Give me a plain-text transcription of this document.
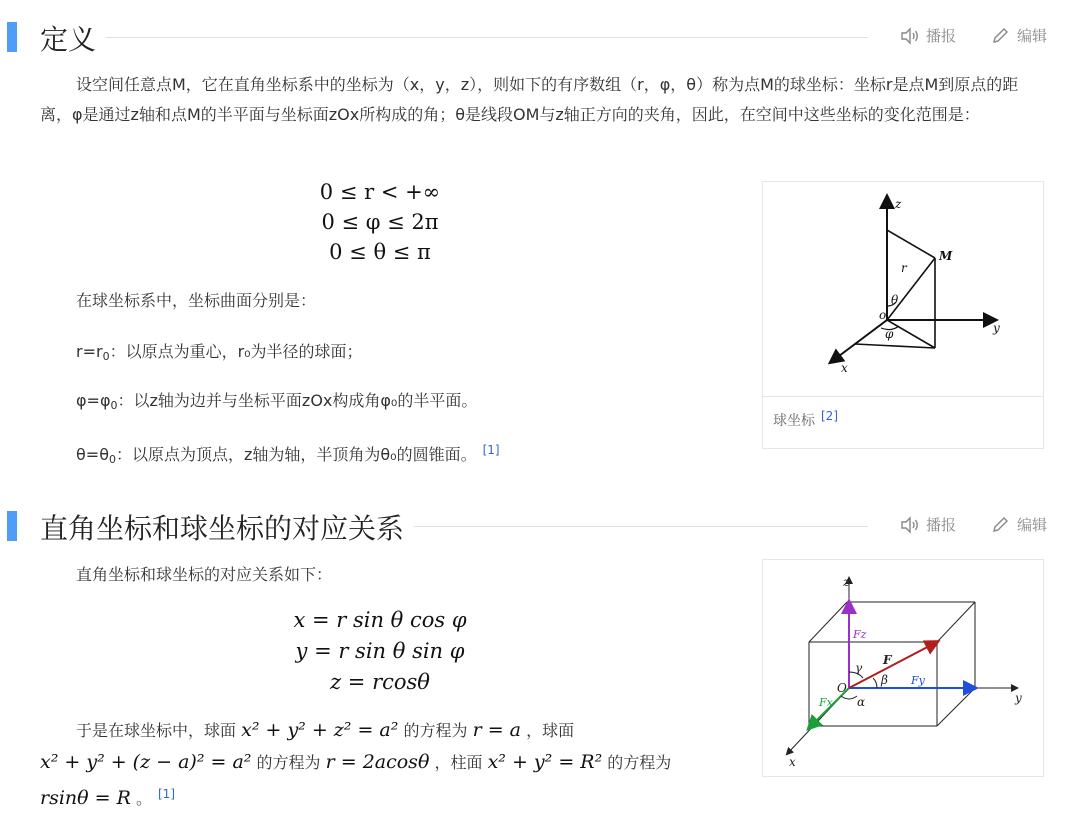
定义	播报	编辑

设空间任意点M，它在直角坐标系中的坐标为（x，y，z），则如下的有序数组（r，φ，θ）称为点M的球坐标：坐标r是点M到原点的距离，φ是通过z轴和点M的半平面与坐标面zOx所构成的角；θ是线段OM与z轴正方向的夹角，因此，在空间中这些坐标的变化范围是：

0 ≤ r < +∞
0 ≤ φ ≤ 2π
0 ≤ θ ≤ π

在球坐标系中，坐标曲面分别是：

$r=r_0$：以原点为重心，r₀为半径的球面；

$\varphi=\varphi_0$：以z轴为边并与坐标平面zOx构成角φ₀的半平面。

$\theta=\theta_0$：以原点为顶点，z轴为轴，半顶角为θ₀的圆锥面。 [1]

z
y
x
o
M
r
θ
φ
球坐标 [2]
直角坐标和球坐标的对应关系	播报	编辑

直角坐标和球坐标的对应关系如下：

x = r sin θ cos φ
y = r sin θ sin φ
z = rcosθ
于是在球坐标中，球面 x² + y² + z² = a² 的方程为 r = a ，球面
x² + y² + (z − a)² = a² 的方程为 r = 2acosθ ，柱面 x² + y² = R² 的方程为
rsinθ = R 。 [1]
z
y
x
O
F
Fz
Fy
Fx
γ
β
α
